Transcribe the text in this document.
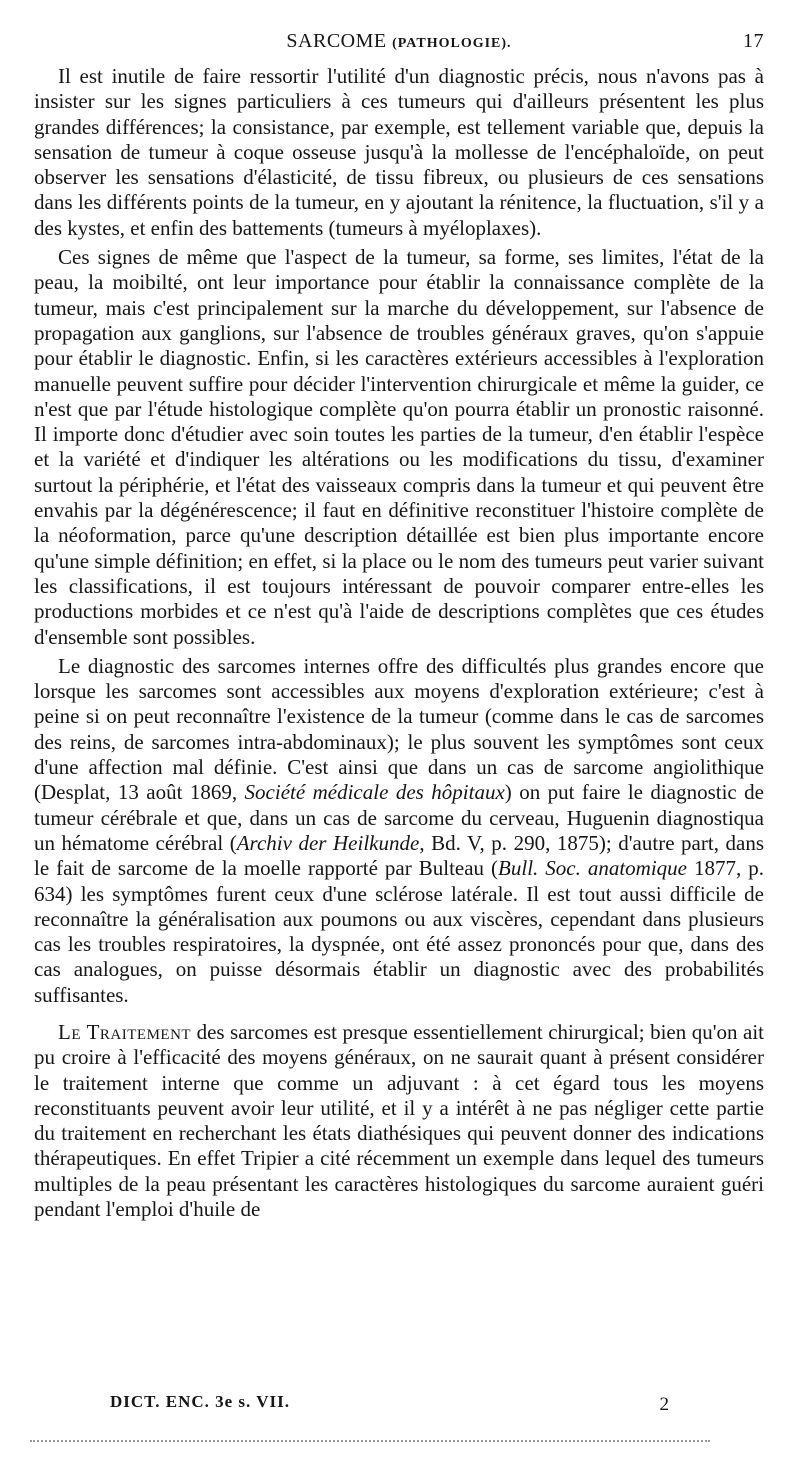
SARCOME (PATHOLOGIE).	17

Il est inutile de faire ressortir l'utilité d'un diagnostic précis, nous n'avons pas à insister sur les signes particuliers à ces tumeurs qui d'ailleurs présentent les plus grandes différences; la consistance, par exemple, est tellement variable que, depuis la sensation de tumeur à coque osseuse jusqu'à la mollesse de l'encéphaloïde, on peut observer les sensations d'élasticité, de tissu fibreux, ou plusieurs de ces sensations dans les différents points de la tumeur, en y ajoutant la rénitence, la fluctuation, s'il y a des kystes, et enfin des battements (tumeurs à myéloplaxes).

Ces signes de même que l'aspect de la tumeur, sa forme, ses limites, l'état de la peau, la moibilté, ont leur importance pour établir la connaissance complète de la tumeur, mais c'est principalement sur la marche du développement, sur l'absence de propagation aux ganglions, sur l'absence de troubles généraux graves, qu'on s'appuie pour établir le diagnostic. Enfin, si les caractères extérieurs accessibles à l'exploration manuelle peuvent suffire pour décider l'intervention chirurgicale et même la guider, ce n'est que par l'étude histologique complète qu'on pourra établir un pronostic raisonné. Il importe donc d'étudier avec soin toutes les parties de la tumeur, d'en établir l'espèce et la variété et d'indiquer les altérations ou les modifications du tissu, d'examiner surtout la périphérie, et l'état des vaisseaux compris dans la tumeur et qui peuvent être envahis par la dégénérescence; il faut en définitive reconstituer l'histoire complète de la néoformation, parce qu'une description détaillée est bien plus importante encore qu'une simple définition; en effet, si la place ou le nom des tumeurs peut varier suivant les classifications, il est toujours intéressant de pouvoir comparer entre-elles les productions morbides et ce n'est qu'à l'aide de descriptions complètes que ces études d'ensemble sont possibles.

Le diagnostic des sarcomes internes offre des difficultés plus grandes encore que lorsque les sarcomes sont accessibles aux moyens d'exploration extérieure; c'est à peine si on peut reconnaître l'existence de la tumeur (comme dans le cas de sarcomes des reins, de sarcomes intra-abdominaux); le plus souvent les symptômes sont ceux d'une affection mal définie. C'est ainsi que dans un cas de sarcome angiolithique (Desplat, 13 août 1869, Société médicale des hôpitaux) on put faire le diagnostic de tumeur cérébrale et que, dans un cas de sarcome du cerveau, Huguenin diagnostiqua un hématome cérébral (Archiv der Heilkunde, Bd. V, p. 290, 1875); d'autre part, dans le fait de sarcome de la moelle rapporté par Bulteau (Bull. Soc. anatomique 1877, p. 634) les symptômes furent ceux d'une sclérose latérale. Il est tout aussi difficile de reconnaître la généralisation aux poumons ou aux viscères, cependant dans plusieurs cas les troubles respiratoires, la dyspnée, ont été assez prononcés pour que, dans des cas analogues, on puisse désormais établir un diagnostic avec des probabilités suffisantes.

Le Traitement des sarcomes est presque essentiellement chirurgical; bien qu'on ait pu croire à l'efficacité des moyens généraux, on ne saurait quant à présent considérer le traitement interne que comme un adjuvant : à cet égard tous les moyens reconstituants peuvent avoir leur utilité, et il y a intérêt à ne pas négliger cette partie du traitement en recherchant les états diathésiques qui peuvent donner des indications thérapeutiques. En effet Tripier a cité récemment un exemple dans lequel des tumeurs multiples de la peau présentant les caractères histologiques du sarcome auraient guéri pendant l'emploi d'huile de

DICT. ENC. 3e s. VII.	2
